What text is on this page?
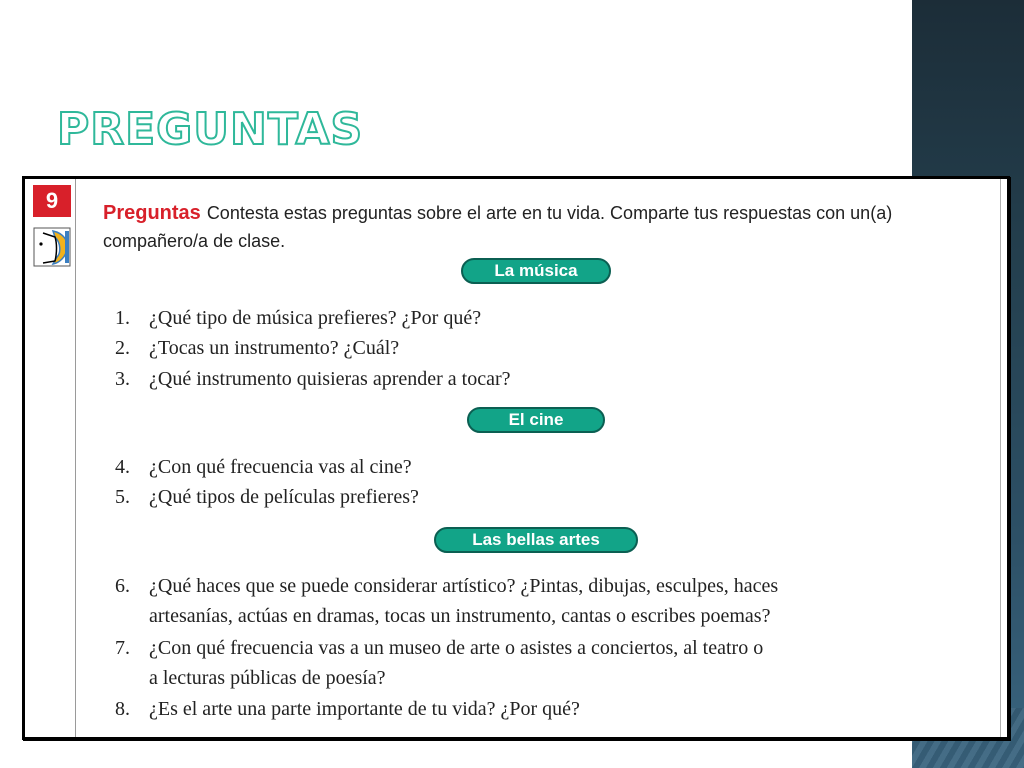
PREGUNTAS
9	Preguntas Contesta estas preguntas sobre el arte en tu vida. Comparte tus respuestas con un(a) compañero/a de clase.
La música
1. ¿Qué tipo de música prefieres? ¿Por qué?
2. ¿Tocas un instrumento? ¿Cuál?
3. ¿Qué instrumento quisieras aprender a tocar?
El cine
4. ¿Con qué frecuencia vas al cine?
5. ¿Qué tipos de películas prefieres?
Las bellas artes
6. ¿Qué haces que se puede considerar artístico? ¿Pintas, dibujas, esculpes, haces
artesanías, actúas en dramas, tocas un instrumento, cantas o escribes poemas?
7. ¿Con qué frecuencia vas a un museo de arte o asistes a conciertos, al teatro o
a lecturas públicas de poesía?
8. ¿Es el arte una parte importante de tu vida? ¿Por qué?
